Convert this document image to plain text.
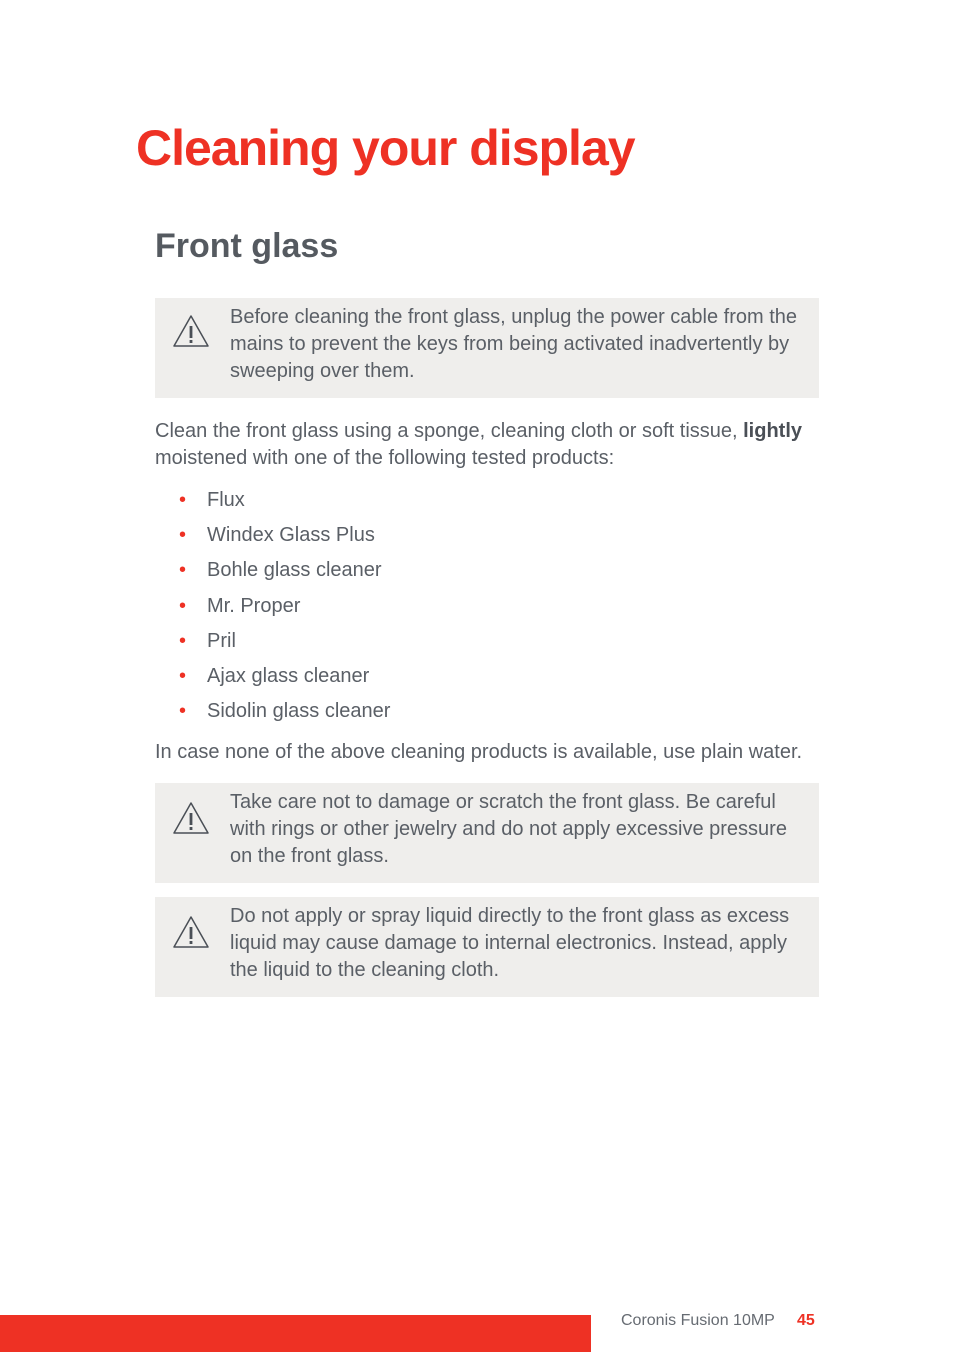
Cleaning your display
Front glass
Before cleaning the front glass, unplug the power cable from the mains to prevent the keys from being activated inadvertently by sweeping over them.

Clean the front glass using a sponge, cleaning cloth or soft tissue, lightly moistened with one of the following tested products:

• Flux
• Windex Glass Plus
• Bohle glass cleaner
• Mr. Proper
• Pril
• Ajax glass cleaner
• Sidolin glass cleaner

In case none of the above cleaning products is available, use plain water.

Take care not to damage or scratch the front glass. Be careful with rings or other jewelry and do not apply excessive pressure on the front glass.
Do not apply or spray liquid directly to the front glass as excess liquid may cause damage to internal electronics. Instead, apply the liquid to the cleaning cloth.
Coronis Fusion 10MP 45
